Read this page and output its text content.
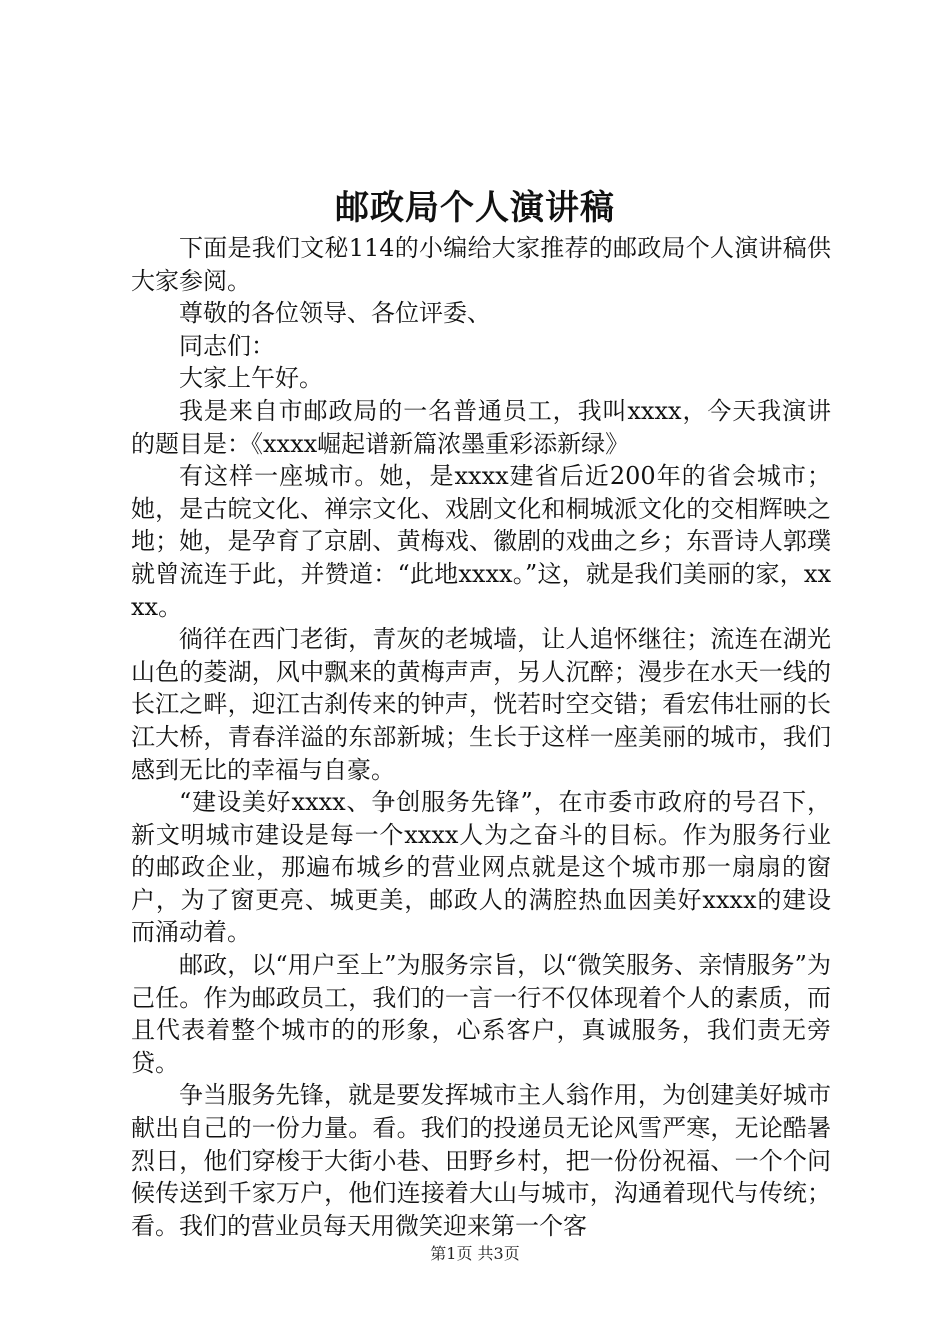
邮政局个人演讲稿

下面是我们文秘114的小编给大家推荐的邮政局个人演讲稿供大家参阅。

尊敬的各位领导、各位评委、

同志们：

大家上午好。

我是来自市邮政局的一名普通员工，我叫xxxx，今天我演讲的题目是：《xxxx崛起谱新篇浓墨重彩添新绿》

有这样一座城市。她，是xxxx建省后近200年的省会城市；她，是古皖文化、禅宗文化、戏剧文化和桐城派文化的交相辉映之地；她，是孕育了京剧、黄梅戏、徽剧的戏曲之乡；东晋诗人郭璞就曾流连于此，并赞道：“此地xxxx。”这，就是我们美丽的家，xxxx。

徜徉在西门老街，青灰的老城墙，让人追怀继往；流连在湖光山色的菱湖，风中飘来的黄梅声声，另人沉醉；漫步在水天一线的长江之畔，迎江古刹传来的钟声，恍若时空交错；看宏伟壮丽的长江大桥，青春洋溢的东部新城；生长于这样一座美丽的城市，我们感到无比的幸福与自豪。

“建设美好xxxx、争创服务先锋”，在市委市政府的号召下，新文明城市建设是每一个xxxx人为之奋斗的目标。作为服务行业的邮政企业，那遍布城乡的营业网点就是这个城市那一扇扇的窗户，为了窗更亮、城更美，邮政人的满腔热血因美好xxxx的建设而涌动着。

邮政，以“用户至上”为服务宗旨，以“微笑服务、亲情服务”为己任。作为邮政员工，我们的一言一行不仅体现着个人的素质，而且代表着整个城市的的形象，心系客户，真诚服务，我们责无旁贷。

争当服务先锋，就是要发挥城市主人翁作用，为创建美好城市献出自己的一份力量。看。我们的投递员无论风雪严寒，无论酷暑烈日，他们穿梭于大街小巷、田野乡村，把一份份祝福、一个个问候传送到千家万户，他们连接着大山与城市，沟通着现代与传统；看。我们的营业员每天用微笑迎来第一个客

第1页 共3页
